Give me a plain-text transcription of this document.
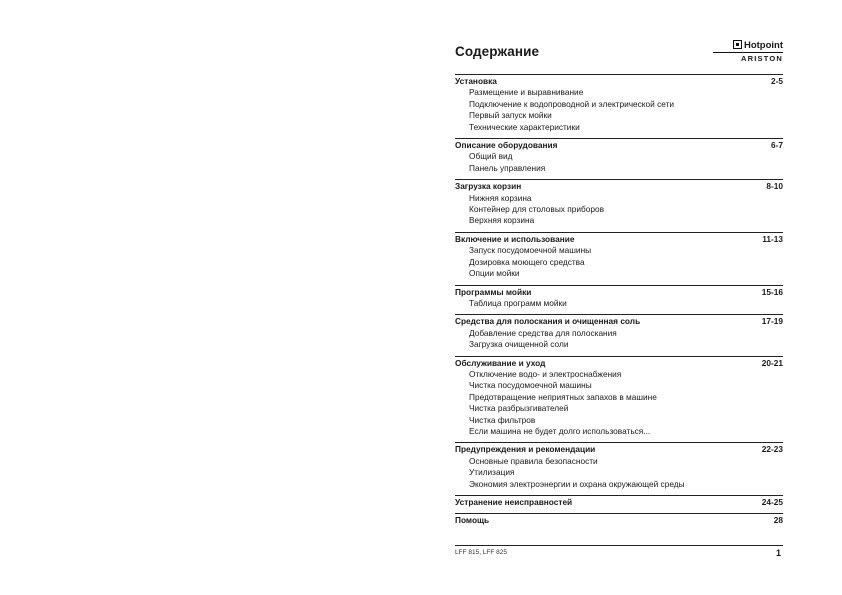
Содержание	Hotpoint
ARISTON
Установка	2-5
Размещение и выравнивание
Подключение к водопроводной и электрической сети
Первый запуск мойки
Технические характеристики
Описание оборудования	6-7
Общий вид
Панель управления
Загрузка корзин	8-10
Нижняя корзина
Контейнер для столовых приборов
Верхняя корзина
Включение и использование	11-13
Запуск посудомоечной машины
Дозировка моющего средства
Опции мойки
Программы мойки	15-16
Таблица программ мойки
Средства для полоскания и очищенная соль	17-19
Добавление средства для полоскания
Загрузка очищенной соли
Обслуживание и уход	20-21
Отключение водо- и электроснабжения
Чистка посудомоечной машины
Предотвращение неприятных запахов в машине
Чистка разбрызгивателей
Чистка фильтров
Если машина не будет долго использоваться...
Предупреждения и рекомендации	22-23
Основные правила безопасности
Утилизация
Экономия электроэнергии и охрана окружающей среды
Устранение неисправностей	24-25
Помощь	28
LFF 815, LFF 825	1
